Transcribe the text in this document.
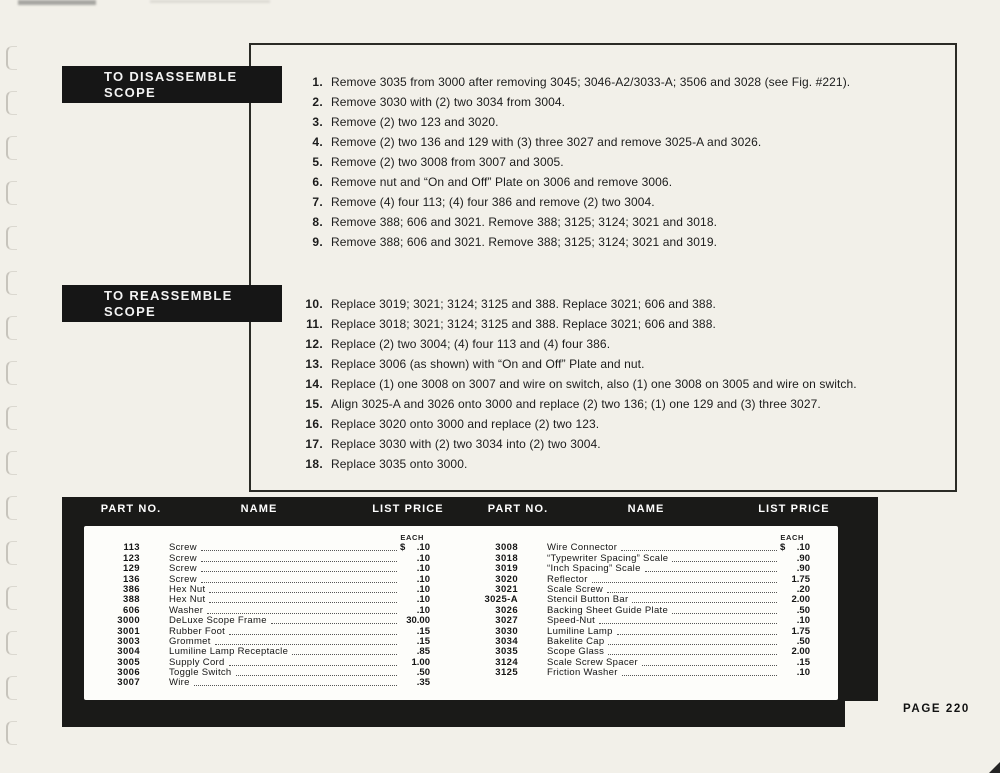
TO DISASSEMBLE
SCOPE
TO REASSEMBLE
SCOPE
1. Remove 3035 from 3000 after removing 3045; 3046-A2/3033-A; 3506 and 3028 (see Fig. #221).
2. Remove 3030 with (2) two 3034 from 3004.
3. Remove (2) two 123 and 3020.
4. Remove (2) two 136 and 129 with (3) three 3027 and remove 3025-A and 3026.
5. Remove (2) two 3008 from 3007 and 3005.
6. Remove nut and “On and Off” Plate on 3006 and remove 3006.
7. Remove (4) four 113; (4) four 386 and remove (2) two 3004.
8. Remove 388; 606 and 3021. Remove 388; 3125; 3124; 3021 and 3018.
9. Remove 388; 606 and 3021. Remove 388; 3125; 3124; 3021 and 3019.
10. Replace 3019; 3021; 3124; 3125 and 388. Replace 3021; 606 and 388.
11. Replace 3018; 3021; 3124; 3125 and 388. Replace 3021; 606 and 388.
12. Replace (2) two 3004; (4) four 113 and (4) four 386.
13. Replace 3006 (as shown) with “On and Off” Plate and nut.
14. Replace (1) one 3008 on 3007 and wire on switch, also (1) one 3008 on 3005 and wire on switch.
15. Align 3025-A and 3026 onto 3000 and replace (2) two 136; (1) one 129 and (3) three 3027.
16. Replace 3020 onto 3000 and replace (2) two 123.
17. Replace 3030 with (2) two 3034 into (2) two 3004.
18. Replace 3035 onto 3000.
PART NO.	NAME	LIST PRICE	PART NO.	NAME	LIST PRICE
EACH
113	Screw	$ .10
123	Screw	.10
129	Screw	.10
136	Screw	.10
386	Hex Nut	.10
388	Hex Nut	.10
606	Washer	.10
3000	DeLuxe Scope Frame	30.00
3001	Rubber Foot	.15
3003	Grommet	.15
3004	Lumiline Lamp Receptacle	.85
3005	Supply Cord	1.00
3006	Toggle Switch	.50
3007	Wire	.35
EACH
3008	Wire Connector	$ .10
3018	“Typewriter Spacing” Scale	.90
3019	“Inch Spacing” Scale	.90
3020	Reflector	1.75
3021	Scale Screw	.20
3025-A	Stencil Button Bar	2.00
3026	Backing Sheet Guide Plate	.50
3027	Speed-Nut	.10
3030	Lumiline Lamp	1.75
3034	Bakelite Cap	.50
3035	Scope Glass	2.00
3124	Scale Screw Spacer	.15
3125	Friction Washer	.10
PAGE 220
